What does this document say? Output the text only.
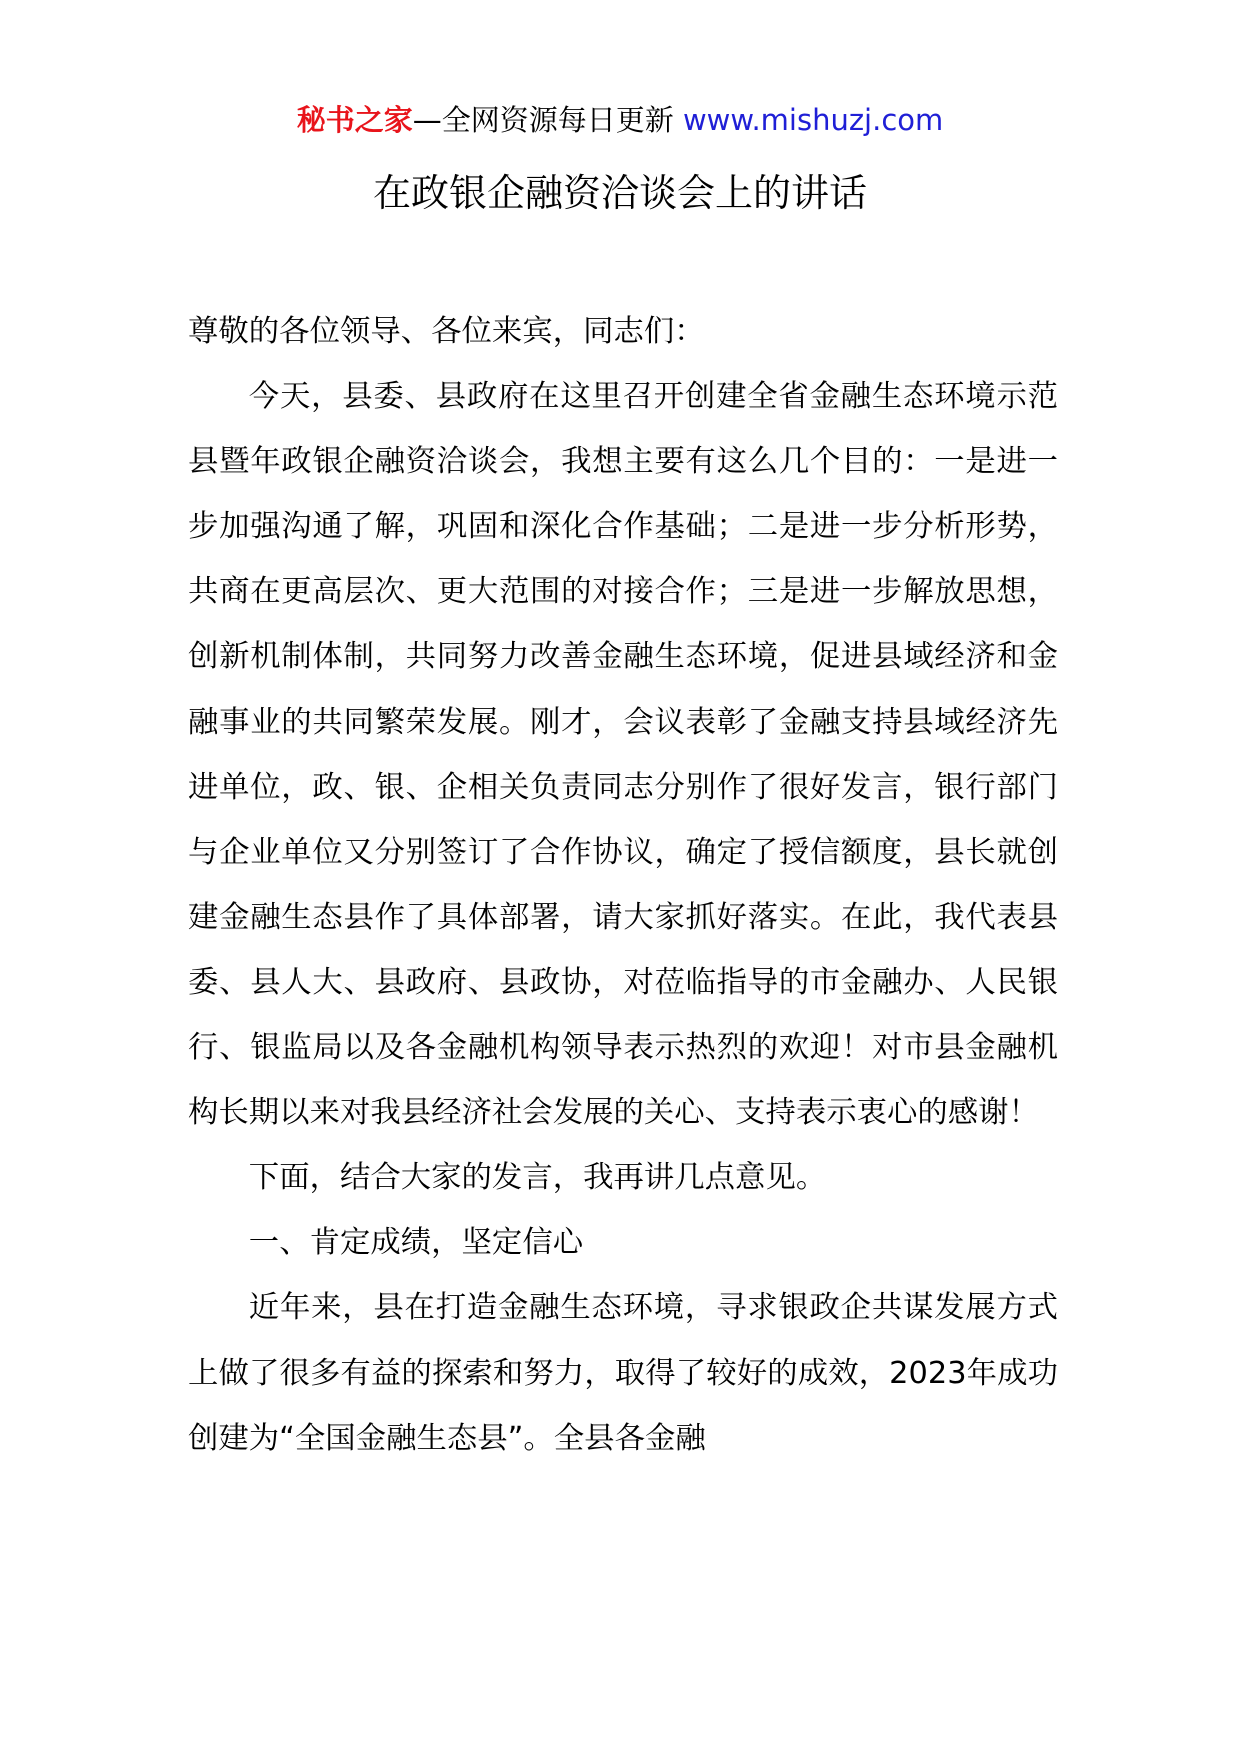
秘书之家—全网资源每日更新 www.mishuzj.com
在政银企融资洽谈会上的讲话

尊敬的各位领导、各位来宾，同志们：

今天，县委、县政府在这里召开创建全省金融生态环境示范县暨年政银企融资洽谈会，我想主要有这么几个目的：一是进一步加强沟通了解，巩固和深化合作基础；二是进一步分析形势，共商在更高层次、更大范围的对接合作；三是进一步解放思想，创新机制体制，共同努力改善金融生态环境，促进县域经济和金融事业的共同繁荣发展。刚才，会议表彰了金融支持县域经济先进单位，政、银、企相关负责同志分别作了很好发言，银行部门与企业单位又分别签订了合作协议，确定了授信额度，县长就创建金融生态县作了具体部署，请大家抓好落实。在此，我代表县委、县人大、县政府、县政协，对莅临指导的市金融办、人民银行、银监局以及各金融机构领导表示热烈的欢迎！对市县金融机构长期以来对我县经济社会发展的关心、支持表示衷心的感谢！

下面，结合大家的发言，我再讲几点意见。

一、肯定成绩，坚定信心

近年来，县在打造金融生态环境，寻求银政企共谋发展方式上做了很多有益的探索和努力，取得了较好的成效，2023年成功创建为“全国金融生态县”。全县各金融
